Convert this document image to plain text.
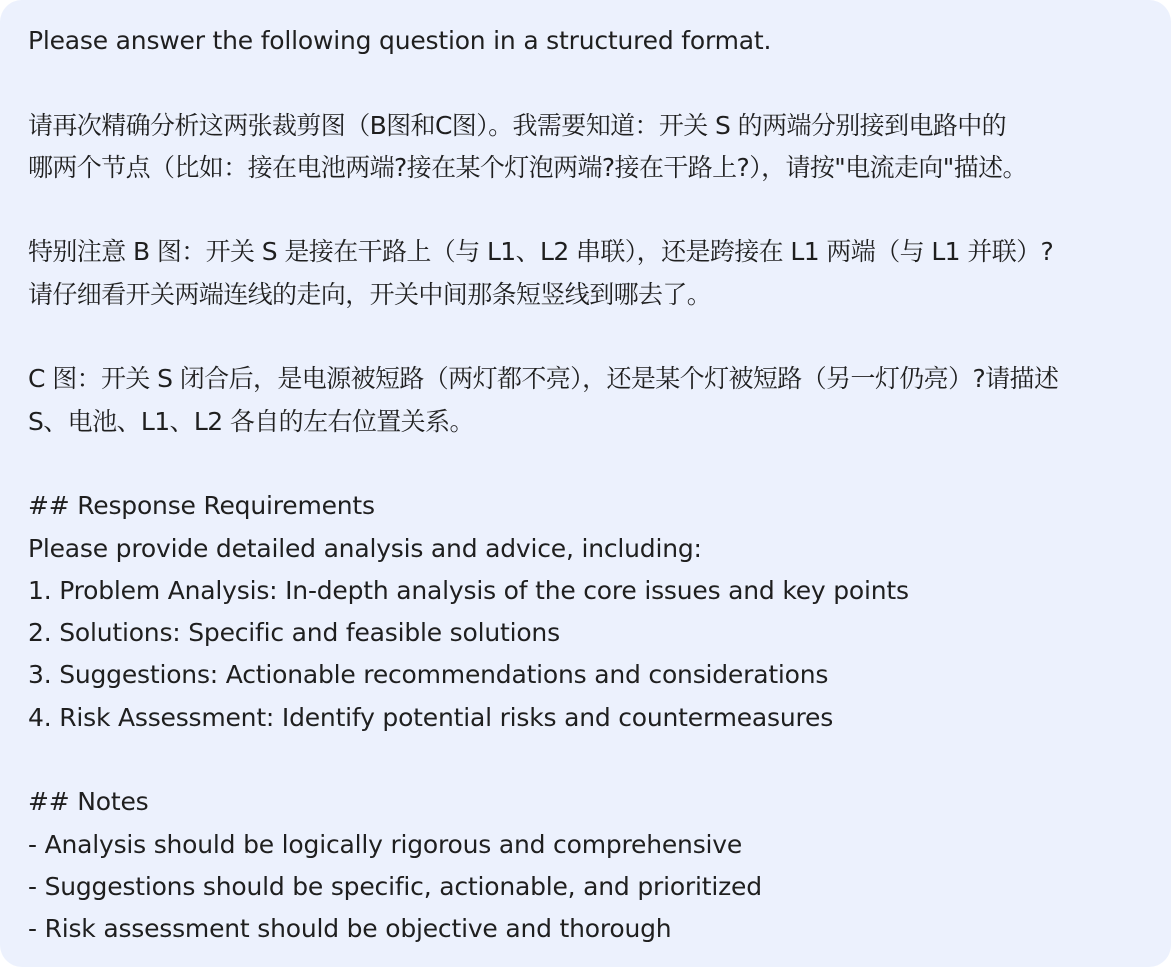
Please answer the following question in a structured format.
请再次精确分析这两张裁剪图（B图和C图）。我需要知道：开关 S 的两端分别接到电路中的
哪两个节点（比如：接在电池两端?接在某个灯泡两端?接在干路上?），请按"电流走向"描述。
特别注意 B 图：开关 S 是接在干路上（与 L1、L2 串联），还是跨接在 L1 两端（与 L1 并联）?
请仔细看开关两端连线的走向，开关中间那条短竖线到哪去了。
C 图：开关 S 闭合后，是电源被短路（两灯都不亮），还是某个灯被短路（另一灯仍亮）?请描述
S、电池、L1、L2 各自的左右位置关系。
## Response Requirements
Please provide detailed analysis and advice, including:
1. Problem Analysis: In-depth analysis of the core issues and key points
2. Solutions: Specific and feasible solutions
3. Suggestions: Actionable recommendations and considerations
4. Risk Assessment: Identify potential risks and countermeasures
## Notes
- Analysis should be logically rigorous and comprehensive
- Suggestions should be specific, actionable, and prioritized
- Risk assessment should be objective and thorough
